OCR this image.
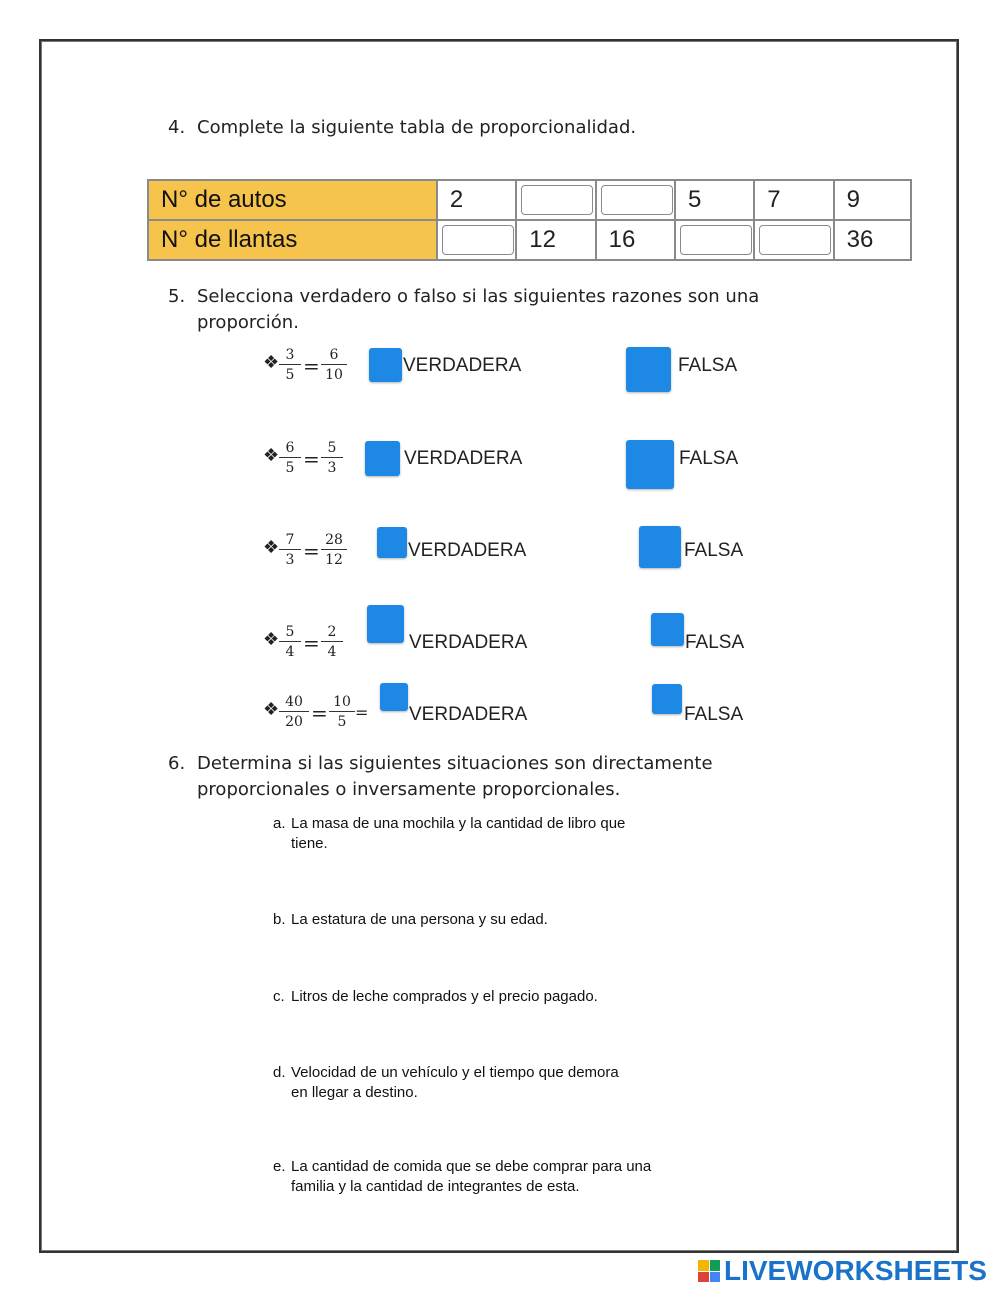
4. Complete la siguiente tabla de proporcionalidad.
N° de autos	2			5	7	9
N° de llantas		12	16			36
5. Selecciona verdadero o falso si las siguientes razones son una proporción.
❖ $\frac{3}{5} = \frac{6}{10}$	VERDADERA	FALSA
❖ $\frac{6}{5} = \frac{5}{3}$	VERDADERA	FALSA
❖ $\frac{7}{3} = \frac{28}{12}$	VERDADERA	FALSA
❖ $\frac{5}{4} = \frac{2}{4}$	VERDADERA	FALSA
❖ $\frac{40}{20} = \frac{10}{5}$ = VERDADERA	FALSA
6. Determina si las siguientes situaciones son directamente proporcionales o inversamente proporcionales.
a. La masa de una mochila y la cantidad de libro que tiene.
b. La estatura de una persona y su edad.
c. Litros de leche comprados y el precio pagado.
d. Velocidad de un vehículo y el tiempo que demora en llegar a destino.
e. La cantidad de comida que se debe comprar para una familia y la cantidad de integrantes de esta.
LIVEWORKSHEETS
